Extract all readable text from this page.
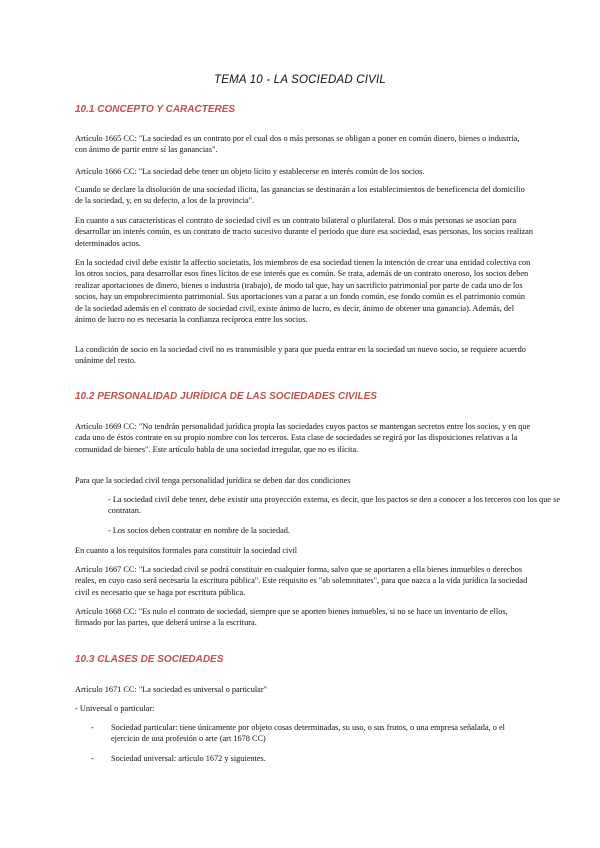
TEMA 10 - LA SOCIEDAD CIVIL

10.1 CONCEPTO Y CARACTERES

Artículo 1665 CC: "La sociedad es un contrato por el cual dos o más personas se obligan a poner en común dinero, bienes o industria, con ánimo de partir entre sí las ganancias".

Artículo 1666 CC: "La sociedad debe tener un objeto lícito y establecerse en interés común de los socios.

Cuando se declare la disolución de una sociedad ilícita, las ganancias se destinarán a los establecimientos de beneficencia del domicilio de la sociedad, y, en su defecto, a los de la provincia".

En cuanto a sus características el contrato de sociedad civil es un contrato bilateral o plurilateral. Dos o más personas se asocian para desarrollar un interés común, es un contrato de tracto sucesivo durante el periodo que dure esa sociedad, esas personas, los socios realizan determinados actos.

En la sociedad civil debe existir la affectio societatis, los miembros de esa sociedad tienen la intención de crear una entidad colectiva con los otros socios, para desarrollar esos fines lícitos de ese interés que es común. Se trata, además de un contrato oneroso, los socios deben realizar aportaciones de dinero, bienes o industria (trabajo), de modo tal que, hay un sacrificio patrimonial por parte de cada uno de los socios, hay un empobrecimiento patrimonial. Sus aportaciones van a parar a un fondo común, ese fondo común es el patrimonio común de la sociedad además en el contrato de sociedad civil, existe ánimo de lucro, es decir, ánimo de obtener una ganancia). Además, del ánimo de lucro no es necesaria la confianza recíproca entre los socios.

La condición de socio en la sociedad civil no es transmisible y para que pueda entrar en la sociedad un nuevo socio, se requiere acuerdo unánime del resto.

10.2 PERSONALIDAD JURÍDICA DE LAS SOCIEDADES CIVILES

Artículo 1669 CC: "No tendrán personalidad jurídica propia las sociedades cuyos pactos se mantengan secretos entre los socios, y en que cada uno de éstos contrate en su propio nombre con los terceros. Esta clase de sociedades se regirá por las disposiciones relativas a la comunidad de bienes". Este artículo habla de una sociedad irregular, que no es ilícita.

Para que la sociedad civil tenga personalidad jurídica se deben dar dos condiciones

- La sociedad civil debe tener, debe existir una proyección externa, es decir, que los pactos se den a conocer a los terceros con los que se contratan.

- Los socios deben contratar en nombre de la sociedad.

En cuanto a los requisitos formales para constituir la sociedad civil

Artículo 1667 CC: "La sociedad civil se podrá constituir en cualquier forma, salvo que se aportaren a ella bienes inmuebles o derechos reales, en cuyo caso será necesaria la escritura pública". Este requisito es "ab solemnitates", para que nazca a la vida jurídica la sociedad civil es necesario que se haga por escritura pública.

Artículo 1668 CC: "Es nulo el contrato de sociedad, siempre que se aporten bienes inmuebles, si no se hace un inventario de ellos, firmado por las partes, que deberá unirse a la escritura.

10.3 CLASES DE SOCIEDADES

Artículo 1671 CC: "La sociedad es universal o particular"

- Universal o particular:

-	Sociedad particular: tiene únicamente por objeto cosas determinadas, su uso, o sus frutos, o una empresa señalada, o el ejercicio de una profesión o arte (art 1678 CC)
-	Sociedad universal: artículo 1672 y siguientes.
